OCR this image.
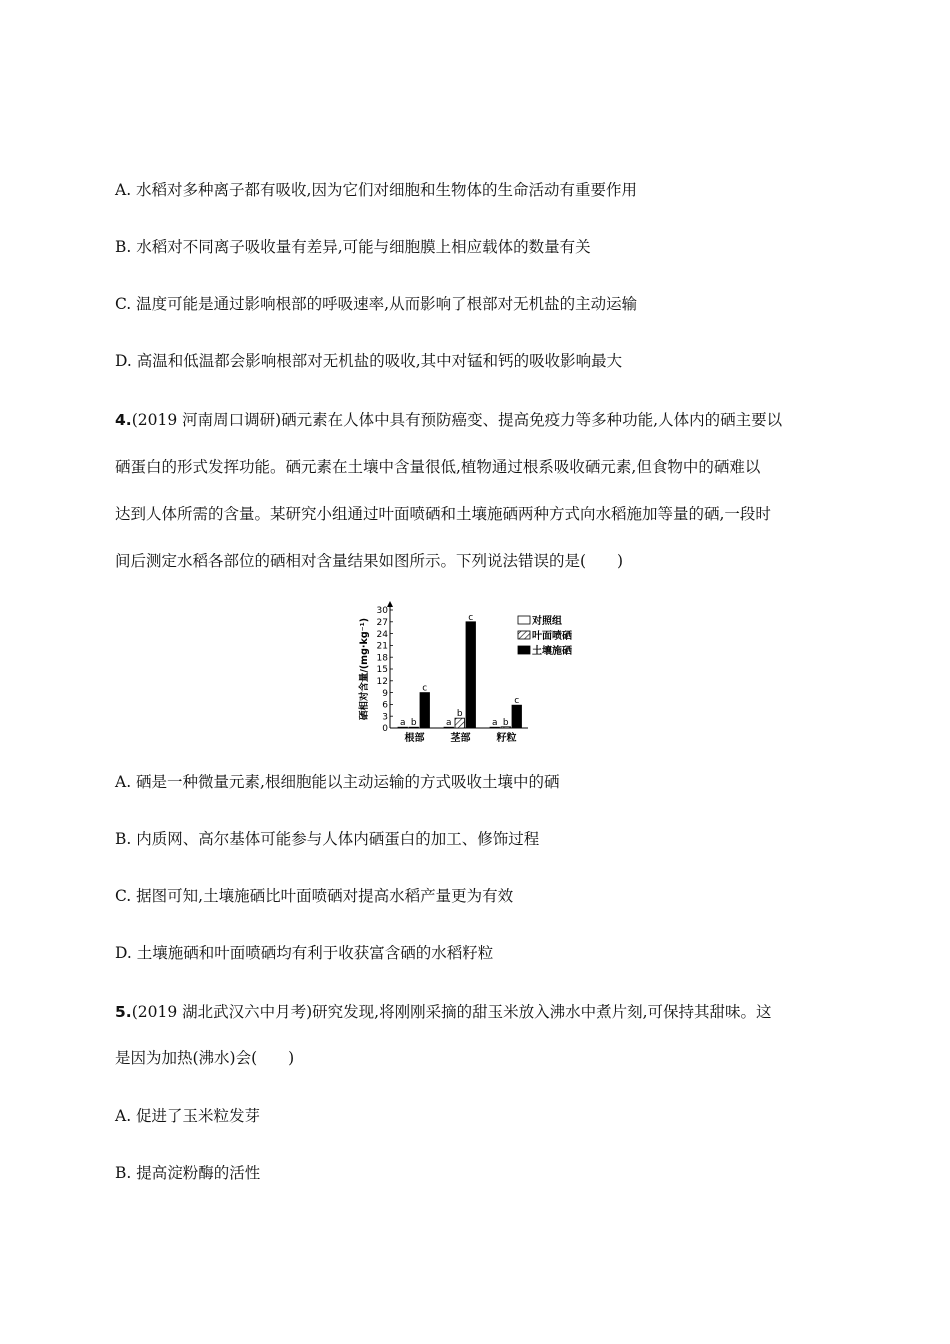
A. 水稻对多种离子都有吸收,因为它们对细胞和生物体的生命活动有重要作用
B. 水稻对不同离子吸收量有差异,可能与细胞膜上相应载体的数量有关
C. 温度可能是通过影响根部的呼吸速率,从而影响了根部对无机盐的主动运输
D. 高温和低温都会影响根部对无机盐的吸收,其中对锰和钙的吸收影响最大
4.(2019 河南周口调研)硒元素在人体中具有预防癌变、提高免疫力等多种功能,人体内的硒主要以
硒蛋白的形式发挥功能。硒元素在土壤中含量很低,植物通过根系吸收硒元素,但食物中的硒难以
达到人体所需的含量。某研究小组通过叶面喷硒和土壤施硒两种方式向水稻施加等量的硒,一段时
间后测定水稻各部位的硒相对含量结果如图所示。下列说法错误的是(　　)
0
3
6
9
12
15
18
21
24
27
30
硒相对含量/(mg·kg⁻¹)
a b
c
根部
a
b
c
茎部
a b
c
籽粒
对照组
叶面喷硒
土壤施硒
A. 硒是一种微量元素,根细胞能以主动运输的方式吸收土壤中的硒
B. 内质网、高尔基体可能参与人体内硒蛋白的加工、修饰过程
C. 据图可知,土壤施硒比叶面喷硒对提高水稻产量更为有效
D. 土壤施硒和叶面喷硒均有利于收获富含硒的水稻籽粒
5.(2019 湖北武汉六中月考)研究发现,将刚刚采摘的甜玉米放入沸水中煮片刻,可保持其甜味。这
是因为加热(沸水)会(　　)
A. 促进了玉米粒发芽
B. 提高淀粉酶的活性
